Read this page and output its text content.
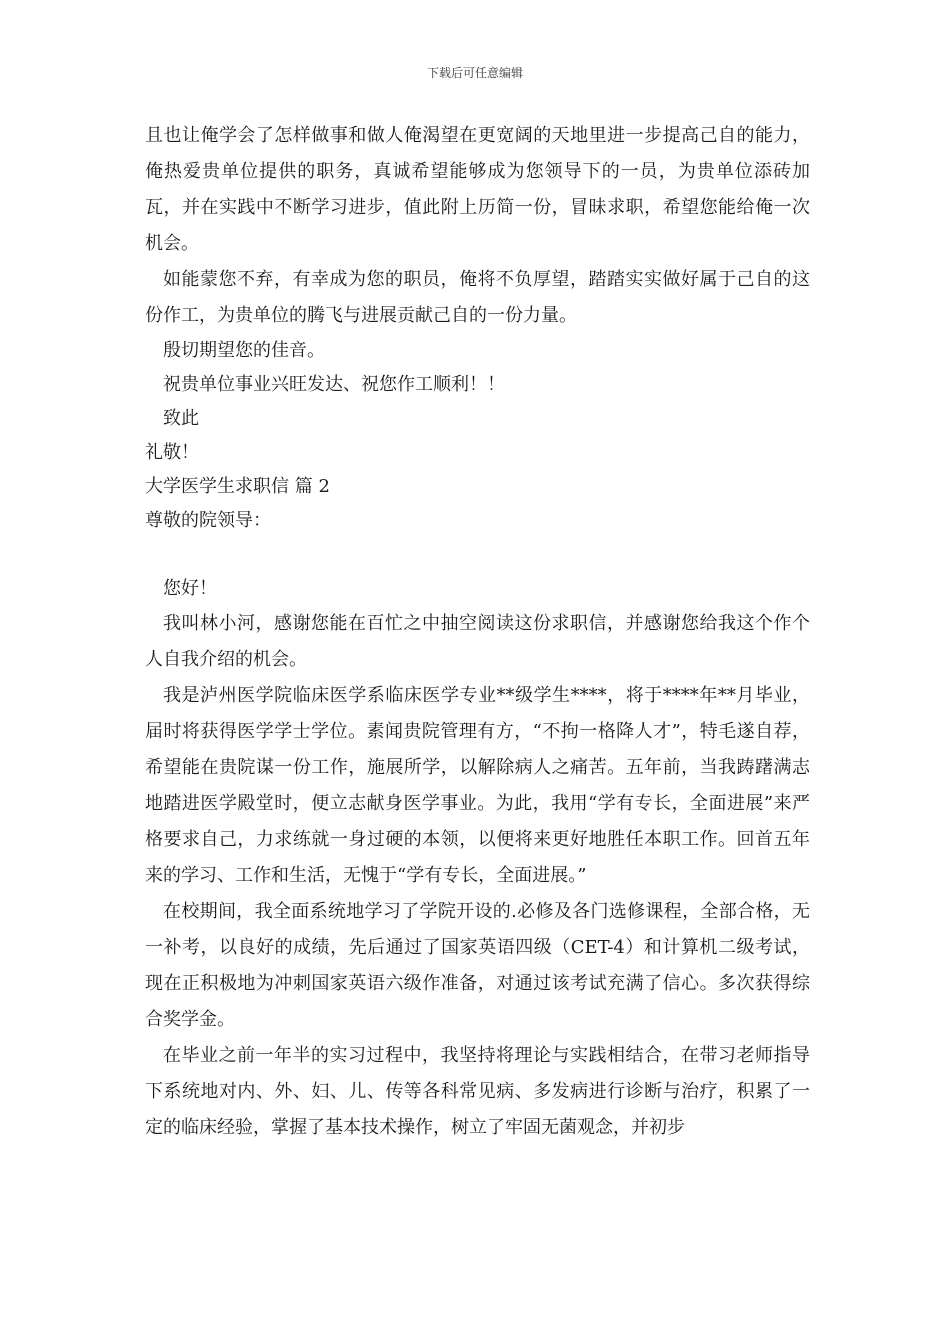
下载后可任意编辑

且也让俺学会了怎样做事和做人俺渴望在更宽阔的天地里进一步提高己自的能力，俺热爱贵单位提供的职务，真诚希望能够成为您领导下的一员，为贵单位添砖加瓦，并在实践中不断学习进步，值此附上历简一份，冒昧求职，希望您能给俺一次机会。

如能蒙您不弃，有幸成为您的职员，俺将不负厚望，踏踏实实做好属于己自的这份作工，为贵单位的腾飞与进展贡献己自的一份力量。

殷切期望您的佳音。

祝贵单位事业兴旺发达、祝您作工顺利！！

致此

礼敬！

大学医学生求职信 篇 2

尊敬的院领导：

您好！

我叫林小河，感谢您能在百忙之中抽空阅读这份求职信，并感谢您给我这个作个人自我介绍的机会。

我是泸州医学院临床医学系临床医学专业**级学生****，将于****年**月毕业，届时将获得医学学士学位。素闻贵院管理有方，“不拘一格降人才”，特毛遂自荐，希望能在贵院谋一份工作，施展所学，以解除病人之痛苦。五年前，当我踌躇满志地踏进医学殿堂时，便立志献身医学事业。为此，我用“学有专长，全面进展”来严格要求自己，力求练就一身过硬的本领，以便将来更好地胜任本职工作。回首五年来的学习、工作和生活，无愧于“学有专长，全面进展。”

在校期间，我全面系统地学习了学院开设的.必修及各门选修课程，全部合格，无一补考，以良好的成绩，先后通过了国家英语四级（CET-4）和计算机二级考试，现在正积极地为冲刺国家英语六级作准备，对通过该考试充满了信心。多次获得综合奖学金。

在毕业之前一年半的实习过程中，我坚持将理论与实践相结合，在带习老师指导下系统地对内、外、妇、儿、传等各科常见病、多发病进行诊断与治疗，积累了一定的临床经验，掌握了基本技术操作，树立了牢固无菌观念，并初步
